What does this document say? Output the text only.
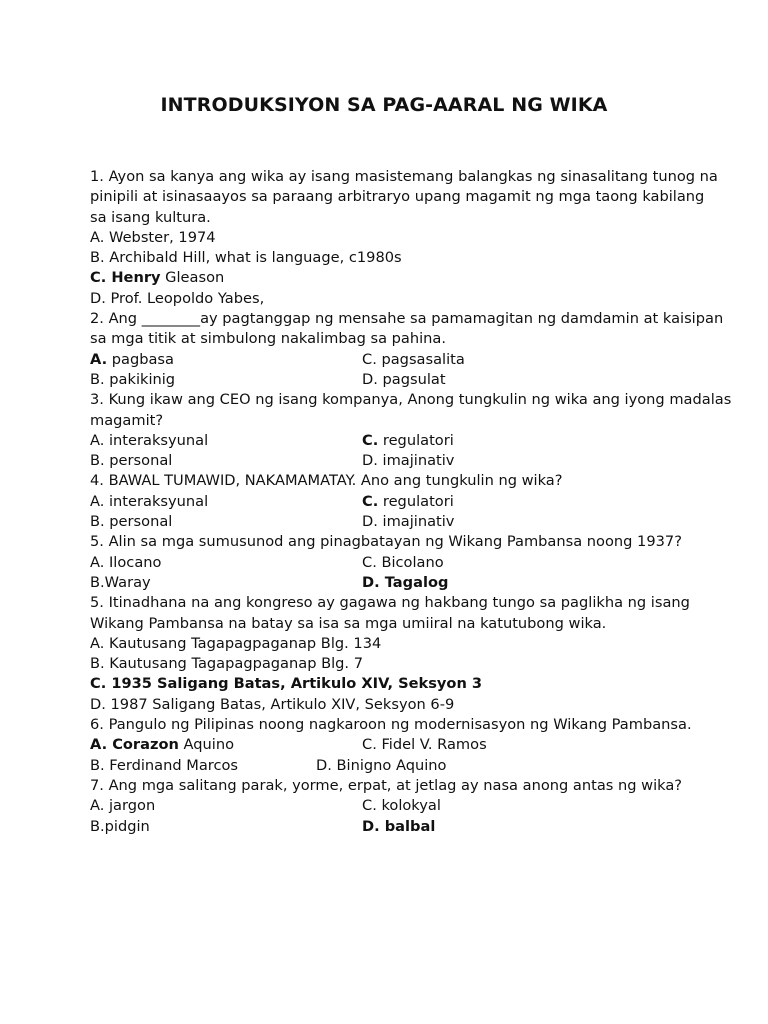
INTRODUKSIYON SA PAG-AARAL NG WIKA
1. Ayon sa kanya ang wika ay isang masistemang balangkas ng sinasalitang tunog na
pinipili at isinasaayos sa paraang arbitraryo upang magamit ng mga taong kabilang
sa isang kultura.
A. Webster, 1974
B. Archibald Hill, what is language, c1980s
C. Henry Gleason
D. Prof. Leopoldo Yabes,
2. Ang ________ay pagtanggap ng mensahe sa pamamagitan ng damdamin at kaisipan
sa mga titik at simbulong nakalimbag sa pahina.
A. pagbasa	C. pagsasalita
B. pakikinig	D. pagsulat
3. Kung ikaw ang CEO ng isang kompanya, Anong tungkulin ng wika ang iyong madalas
magamit?
A. interaksyunal	C. regulatori
B. personal	D. imajinativ
4. BAWAL TUMAWID, NAKAMAMATAY. Ano ang tungkulin ng wika?
A. interaksyunal	C. regulatori
B. personal	D. imajinativ
5. Alin sa mga sumusunod ang pinagbatayan ng Wikang Pambansa noong 1937?
A. Ilocano	C. Bicolano
B.Waray	D. Tagalog
5. Itinadhana na ang kongreso ay gagawa ng hakbang tungo sa paglikha ng isang
Wikang Pambansa na batay sa isa sa mga umiiral na katutubong wika.
A. Kautusang Tagapagpaganap Blg. 134
B. Kautusang Tagapagpaganap Blg. 7
C. 1935 Saligang Batas, Artikulo XIV, Seksyon 3
D. 1987 Saligang Batas, Artikulo XIV, Seksyon 6-9
6. Pangulo ng Pilipinas noong nagkaroon ng modernisasyon ng Wikang Pambansa.
A. Corazon Aquino	C. Fidel V. Ramos
B. Ferdinand Marcos	D. Binigno Aquino
7. Ang mga salitang parak, yorme, erpat, at jetlag ay nasa anong antas ng wika?
A. jargon	C. kolokyal
B.pidgin	D. balbal
